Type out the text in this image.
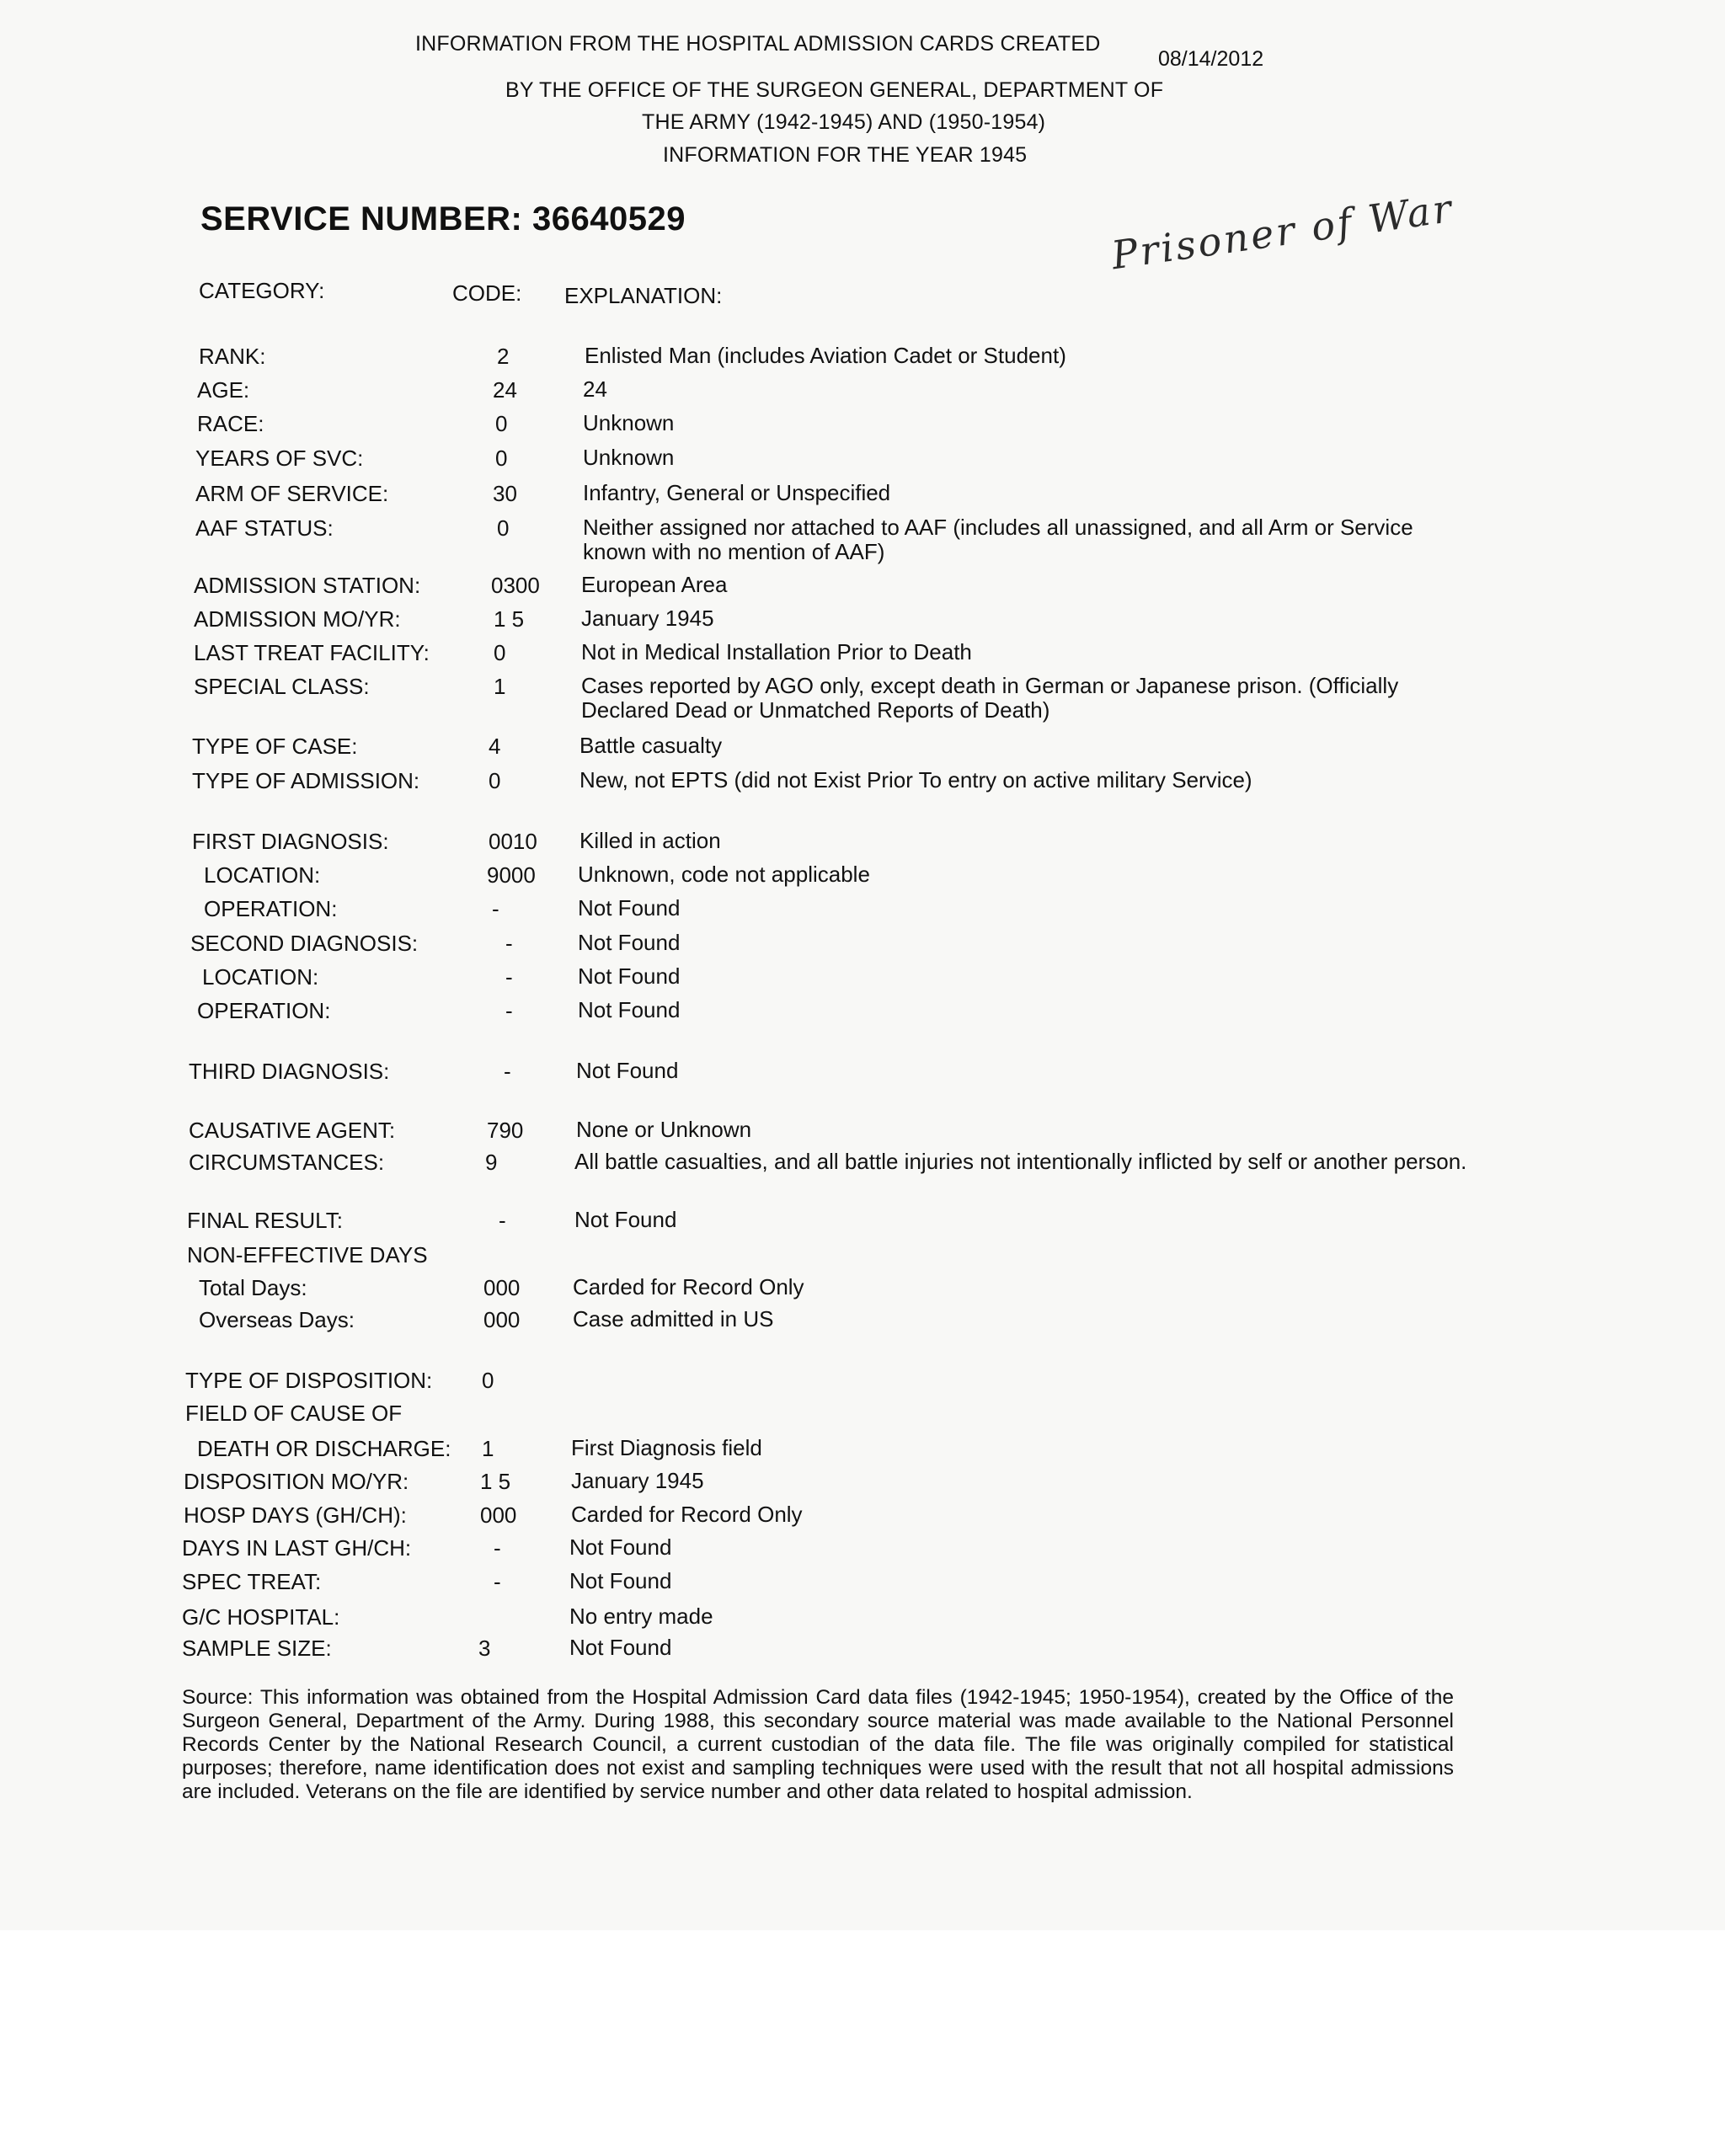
INFORMATION FROM THE HOSPITAL ADMISSION CARDS CREATED
08/14/2012
BY THE OFFICE OF THE SURGEON GENERAL, DEPARTMENT OF
THE ARMY (1942-1945) AND (1950-1954)
INFORMATION FOR THE YEAR 1945
SERVICE NUMBER: 36640529	Prisoner of War
CATEGORY:	CODE: EXPLANATION:
RANK:	2	Enlisted Man (includes Aviation Cadet or Student)
AGE:	24	24
RACE:	0	Unknown
YEARS OF SVC:	0	Unknown
ARM OF SERVICE:	30	Infantry, General or Unspecified
AAF STATUS:	0	Neither assigned nor attached to AAF (includes all unassigned, and all Arm or Service known with no mention of AAF)
ADMISSION STATION:	0300 European Area
ADMISSION MO/YR:	1 5	January 1945
LAST TREAT FACILITY:	0	Not in Medical Installation Prior to Death
SPECIAL CLASS:	1	Cases reported by AGO only, except death in German or Japanese prison. (Officially Declared Dead or Unmatched Reports of Death)
TYPE OF CASE:	4	Battle casualty
TYPE OF ADMISSION:	0	New, not EPTS (did not Exist Prior To entry on active military Service)
FIRST DIAGNOSIS:	0010 Killed in action
LOCATION:	9000 Unknown, code not applicable
OPERATION:	-	Not Found
SECOND DIAGNOSIS:	-	Not Found
LOCATION:	-	Not Found
OPERATION:	-	Not Found
THIRD DIAGNOSIS:	-	Not Found
CAUSATIVE AGENT:	790 None or Unknown
CIRCUMSTANCES:	9	All battle casualties, and all battle injuries not intentionally inflicted by self or another person.
FINAL RESULT:	-	Not Found
NON-EFFECTIVE DAYS
Total Days:	000 Carded for Record Only
Overseas Days:	000 Case admitted in US
TYPE OF DISPOSITION: 0
FIELD OF CAUSE OF
DEATH OR DISCHARGE: 1	First Diagnosis field
DISPOSITION MO/YR:	1 5	January 1945
HOSP DAYS (GH/CH):	000 Carded for Record Only
DAYS IN LAST GH/CH:	-	Not Found
SPEC TREAT:	-	Not Found
G/C HOSPITAL:	No entry made
SAMPLE SIZE:	3	Not Found
Source: This information was obtained from the Hospital Admission Card data files (1942-1945; 1950-1954), created by the Office of the Surgeon General, Department of the Army. During 1988, this secondary source material was made available to the National Personnel Records Center by the National Research Council, a current custodian of the data file. The file was originally compiled for statistical purposes; therefore, name identification does not exist and sampling techniques were used with the result that not all hospital admissions are included. Veterans on the file are identified by service number and other data related to hospital admission.
